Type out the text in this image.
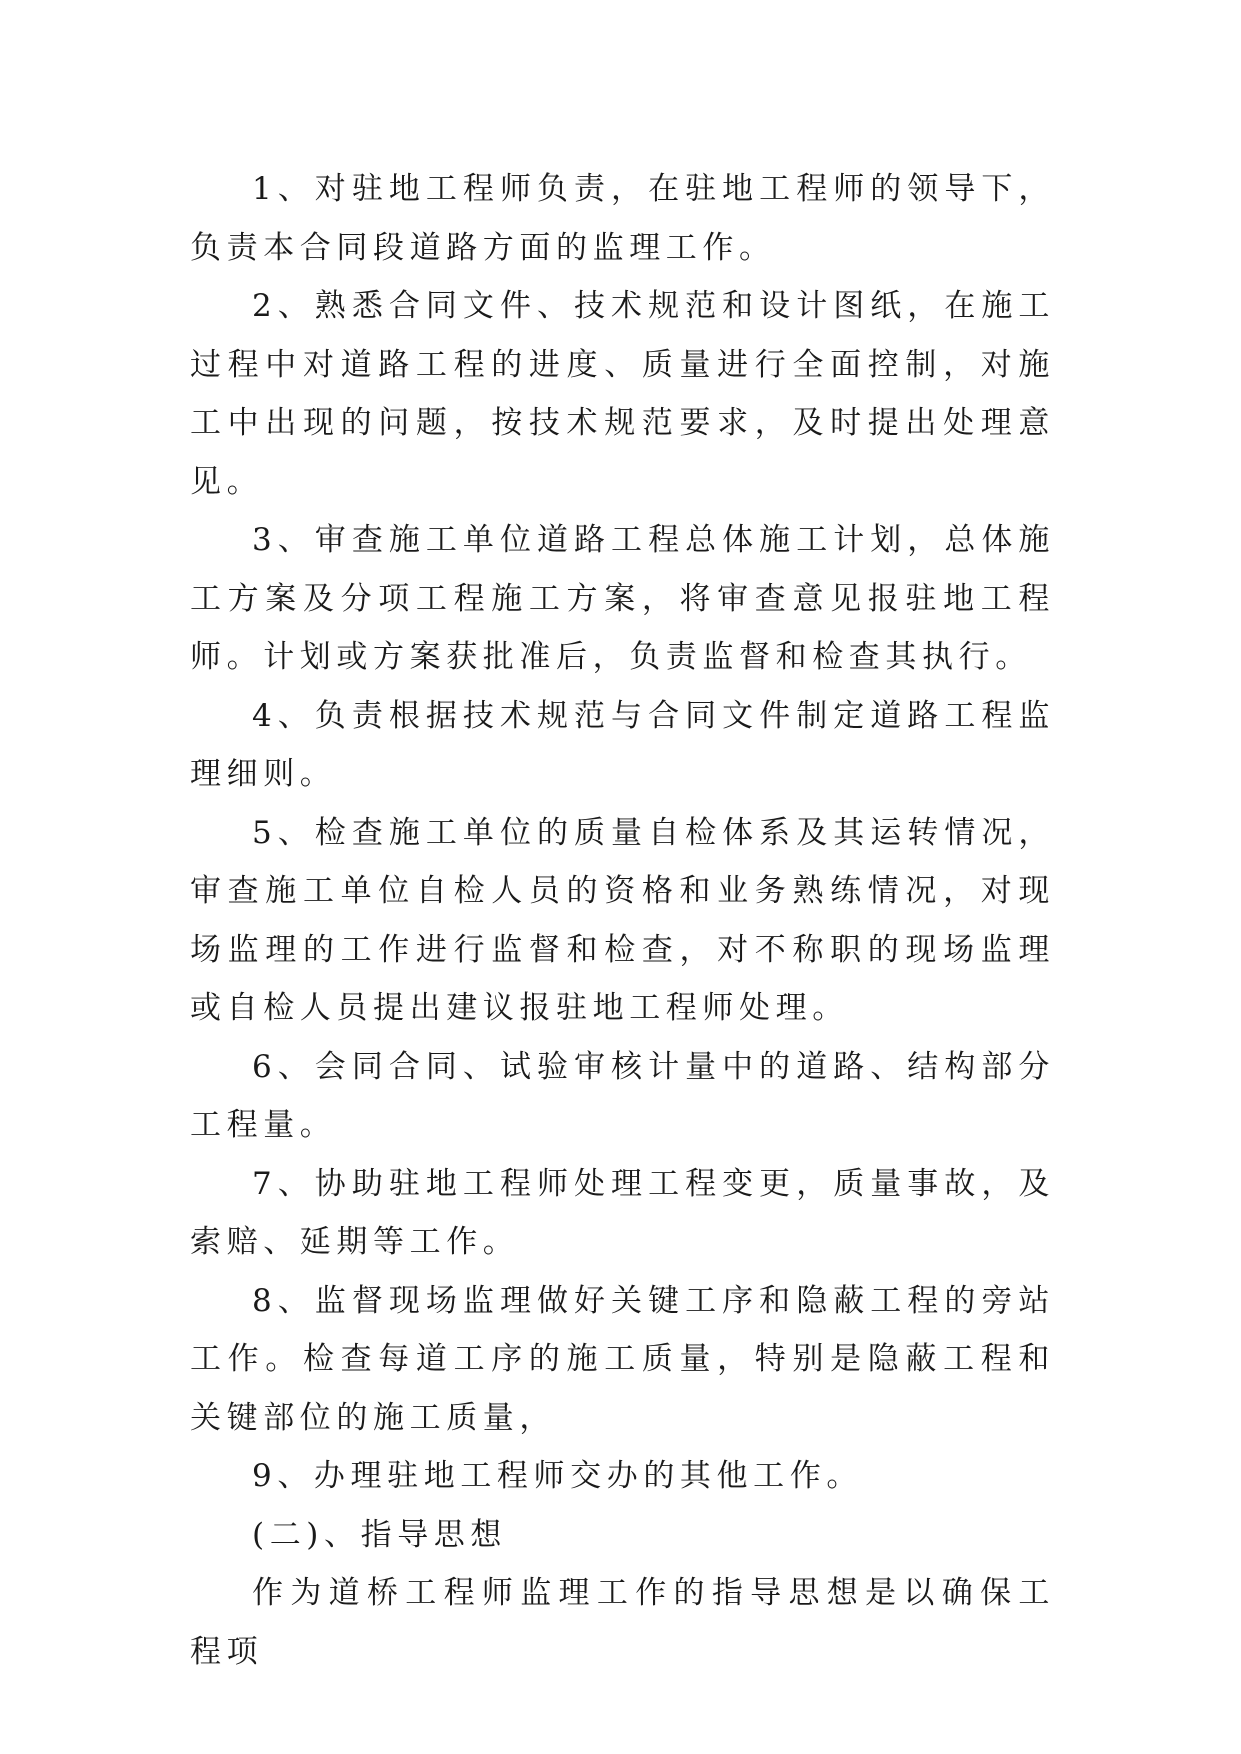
1、对驻地工程师负责，在驻地工程师的领导下，负责本合同段道路方面的监理工作。

2、熟悉合同文件、技术规范和设计图纸，在施工过程中对道路工程的进度、质量进行全面控制，对施工中出现的问题，按技术规范要求，及时提出处理意见。

3、审查施工单位道路工程总体施工计划，总体施工方案及分项工程施工方案，将审查意见报驻地工程师。计划或方案获批准后，负责监督和检查其执行。

4、负责根据技术规范与合同文件制定道路工程监理细则。

5、检查施工单位的质量自检体系及其运转情况，审查施工单位自检人员的资格和业务熟练情况，对现场监理的工作进行监督和检查，对不称职的现场监理或自检人员提出建议报驻地工程师处理。

6、会同合同、试验审核计量中的道路、结构部分工程量。

7、协助驻地工程师处理工程变更，质量事故，及索赔、延期等工作。

8、监督现场监理做好关键工序和隐蔽工程的旁站工作。检查每道工序的施工质量，特别是隐蔽工程和关键部位的施工质量，

9、办理驻地工程师交办的其他工作。

(二)、指导思想

作为道桥工程师监理工作的指导思想是以确保工程项
